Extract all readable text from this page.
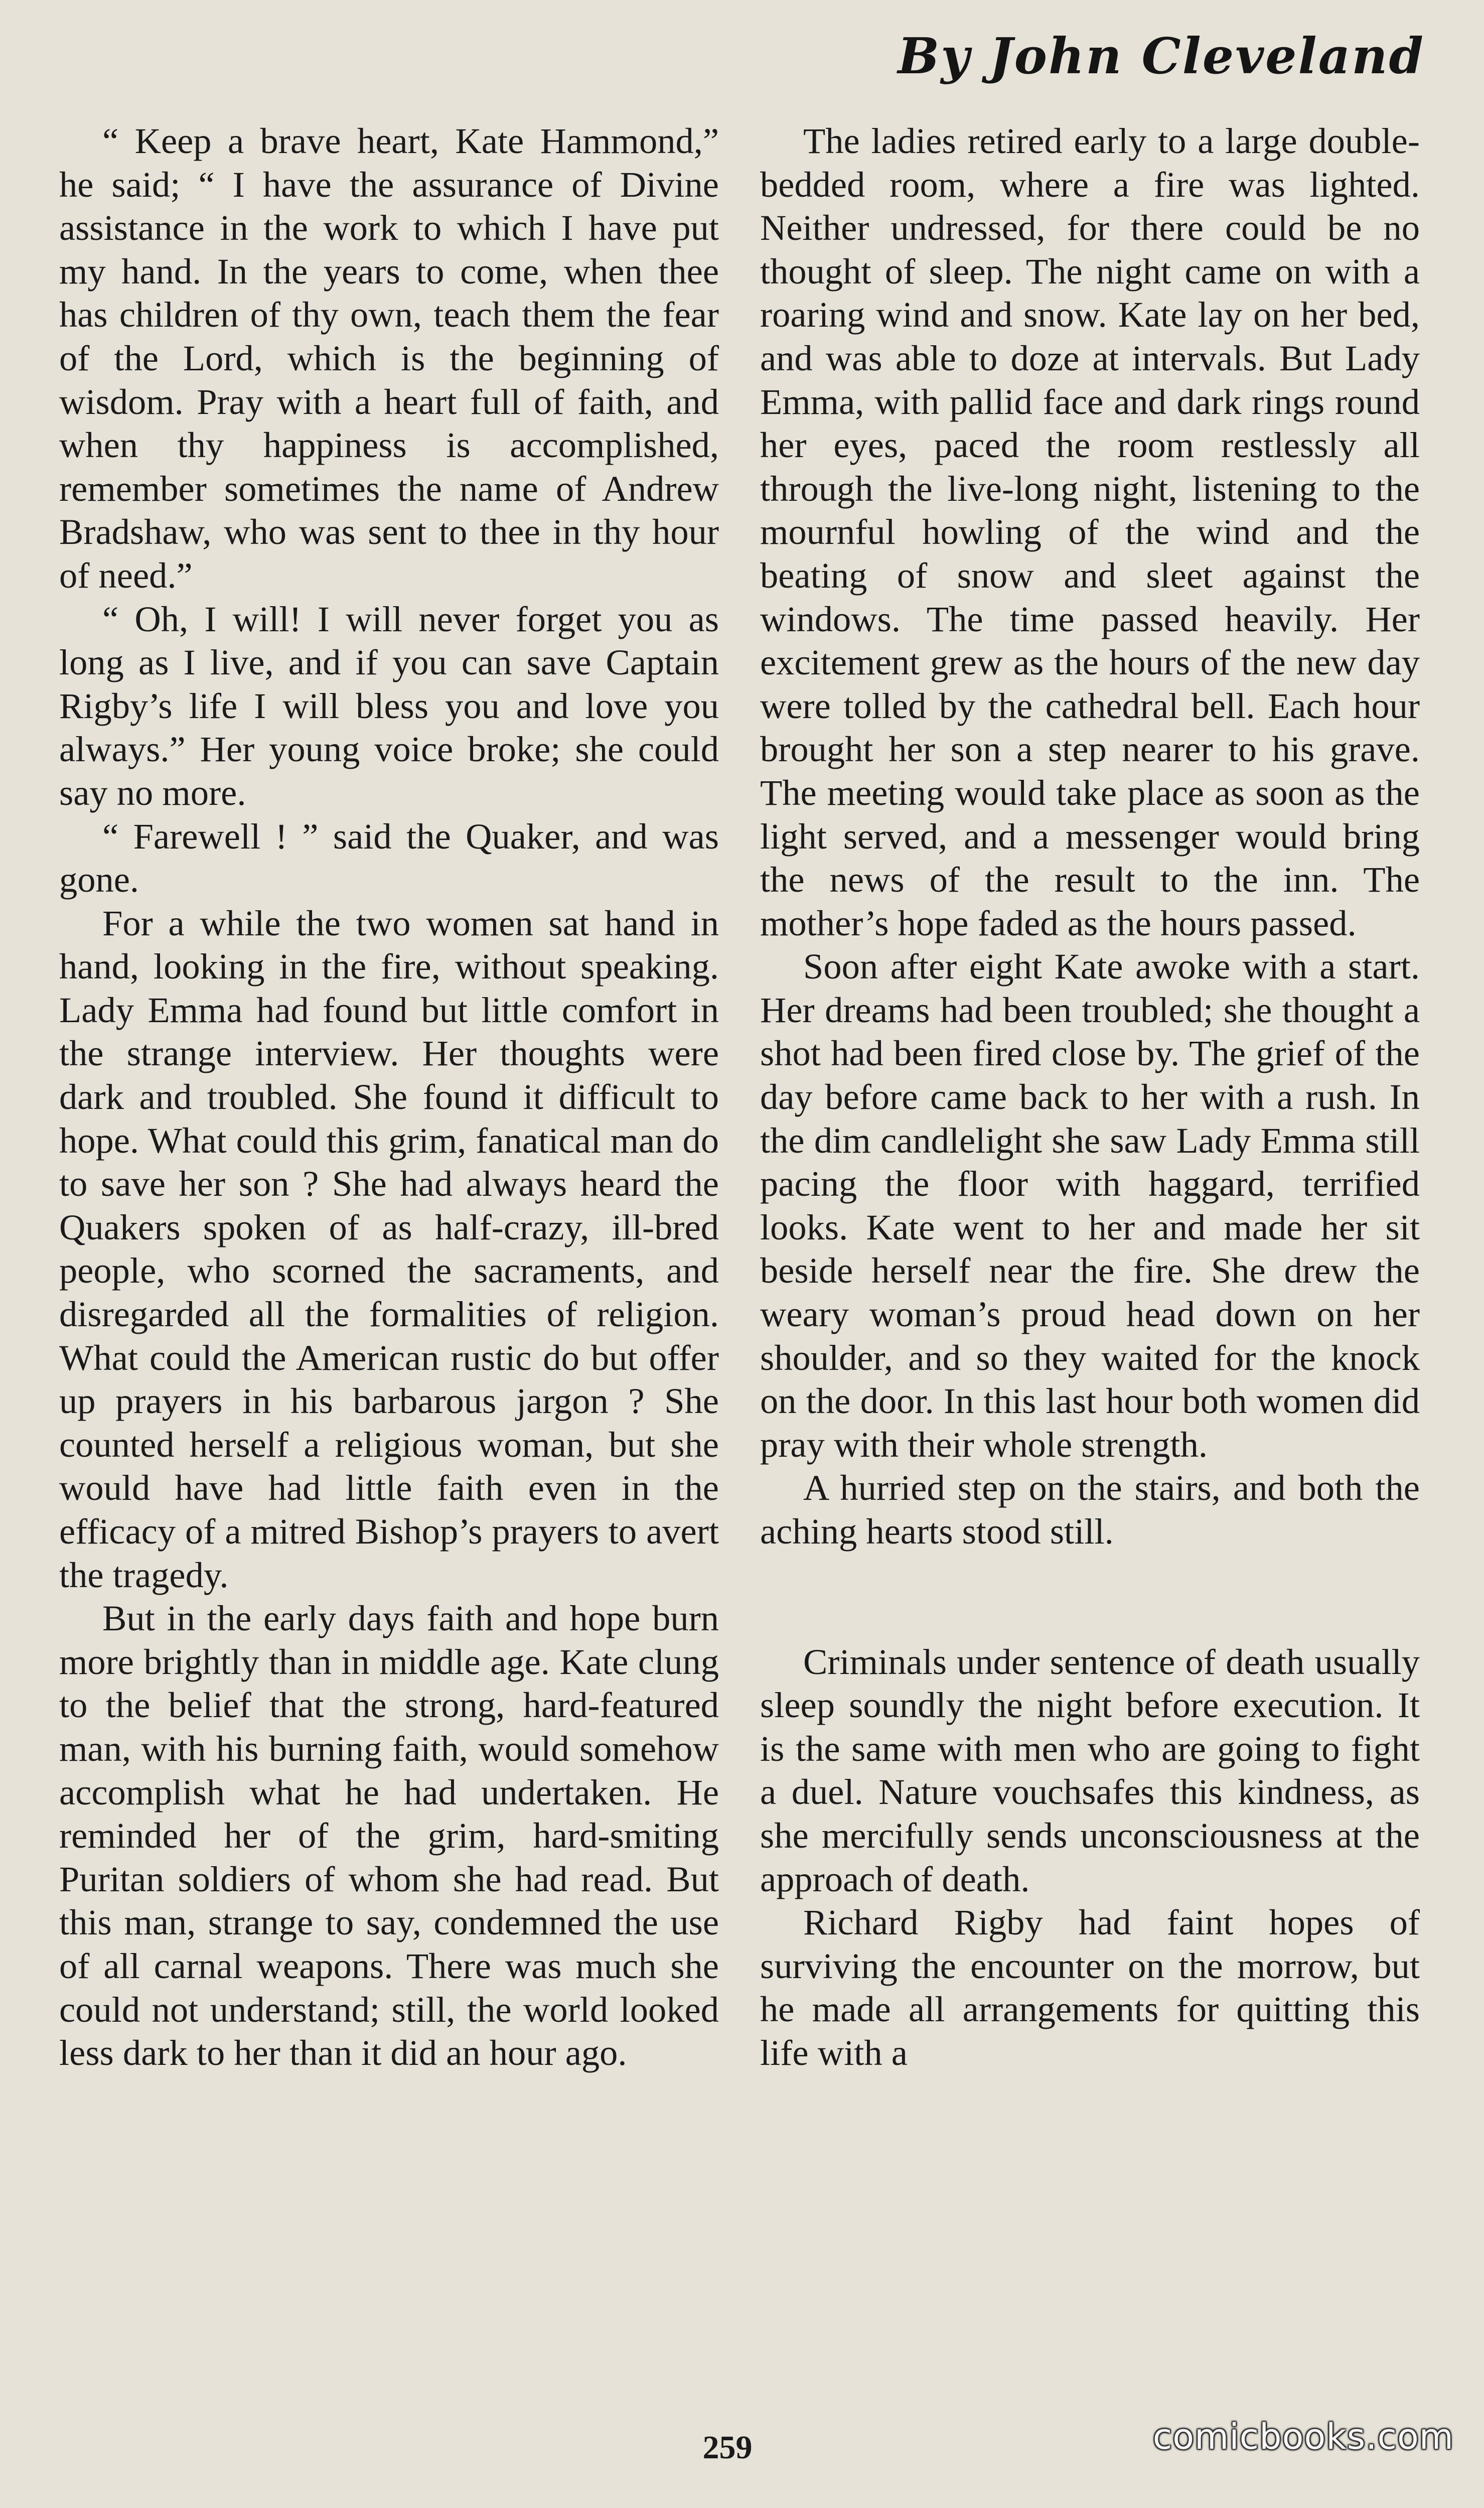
By John Cleveland

“ Keep a brave heart, Kate Hammond,” he said; “ I have the assurance of Divine assistance in the work to which I have put my hand. In the years to come, when thee has children of thy own, teach them the fear of the Lord, which is the beginning of wisdom. Pray with a heart full of faith, and when thy happiness is accomplished, remember sometimes the name of Andrew Bradshaw, who was sent to thee in thy hour of need.”

“ Oh, I will! I will never forget you as long as I live, and if you can save Captain Rigby’s life I will bless you and love you always.” Her young voice broke; she could say no more.

“ Farewell ! ” said the Quaker, and was gone.

For a while the two women sat hand in hand, looking in the fire, without speaking. Lady Emma had found but little comfort in the strange interview. Her thoughts were dark and troubled. She found it difficult to hope. What could this grim, fanatical man do to save her son ? She had always heard the Quakers spoken of as half-crazy, ill-bred people, who scorned the sacraments, and disregarded all the formalities of religion. What could the American rustic do but offer up prayers in his barbarous jargon ? She counted herself a religious woman, but she would have had little faith even in the efficacy of a mitred Bishop’s prayers to avert the tragedy.

But in the early days faith and hope burn more brightly than in middle age. Kate clung to the belief that the strong, hard-featured man, with his burning faith, would somehow accomplish what he had undertaken. He reminded her of the grim, hard-smiting Puritan soldiers of whom she had read. But this man, strange to say, condemned the use of all carnal weapons. There was much she could not understand; still, the world looked less dark to her than it did an hour ago.

The ladies retired early to a large double-bedded room, where a fire was lighted. Neither undressed, for there could be no thought of sleep. The night came on with a roaring wind and snow. Kate lay on her bed, and was able to doze at intervals. But Lady Emma, with pallid face and dark rings round her eyes, paced the room restlessly all through the live-long night, listening to the mournful howling of the wind and the beating of snow and sleet against the windows. The time passed heavily. Her excitement grew as the hours of the new day were tolled by the cathedral bell. Each hour brought her son a step nearer to his grave. The meeting would take place as soon as the light served, and a messenger would bring the news of the result to the inn. The mother’s hope faded as the hours passed.

Soon after eight Kate awoke with a start. Her dreams had been troubled; she thought a shot had been fired close by. The grief of the day before came back to her with a rush. In the dim candlelight she saw Lady Emma still pacing the floor with haggard, terrified looks. Kate went to her and made her sit beside herself near the fire. She drew the weary woman’s proud head down on her shoulder, and so they waited for the knock on the door. In this last hour both women did pray with their whole strength.

A hurried step on the stairs, and both the aching hearts stood still.

Criminals under sentence of death usually sleep soundly the night before execution. It is the same with men who are going to fight a duel. Nature vouchsafes this kindness, as she mercifully sends unconsciousness at the approach of death.

Richard Rigby had faint hopes of surviving the encounter on the morrow, but he made all arrangements for quitting this life with a

259	comicbooks.com
